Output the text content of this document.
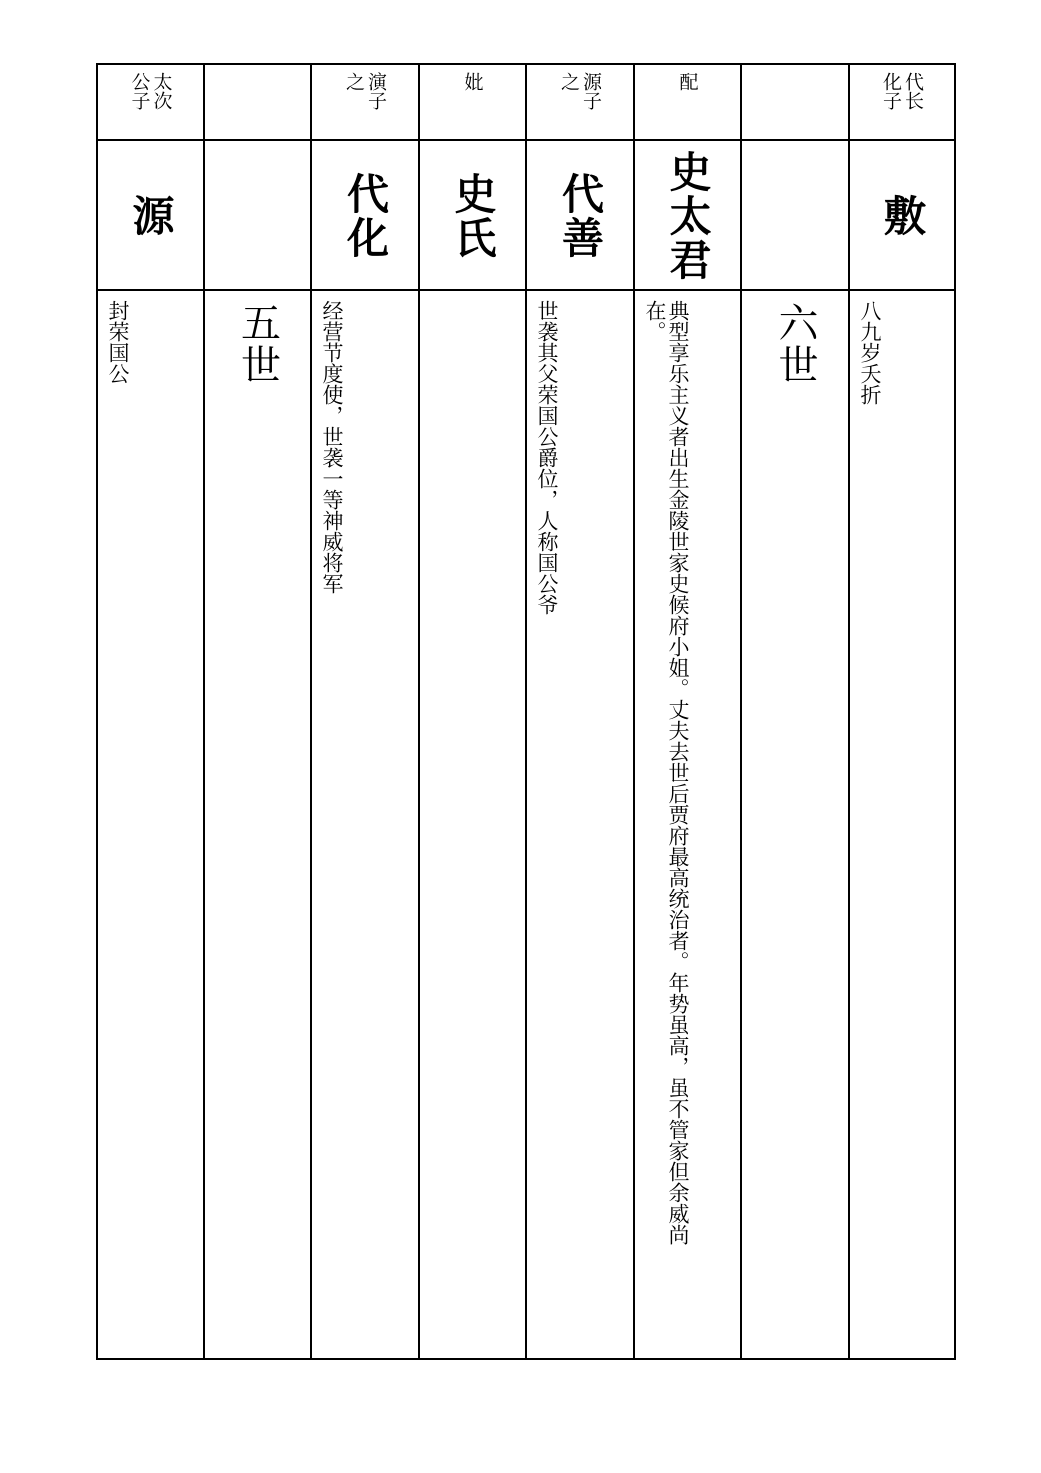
太次公子
源
封荣国公	五世
演子之
代化
经营节度使，世袭一等神威将军
妣
史氏
源子之
代善
世袭其父荣国公爵位，人称国公爷
配
史太君
典型享乐主义者出生金陵世家史候府小姐。丈夫去世后贾府最高统治者。年势虽高，虽不管家但余威尚在。	六世
代长化子
敷
八九岁夭折
